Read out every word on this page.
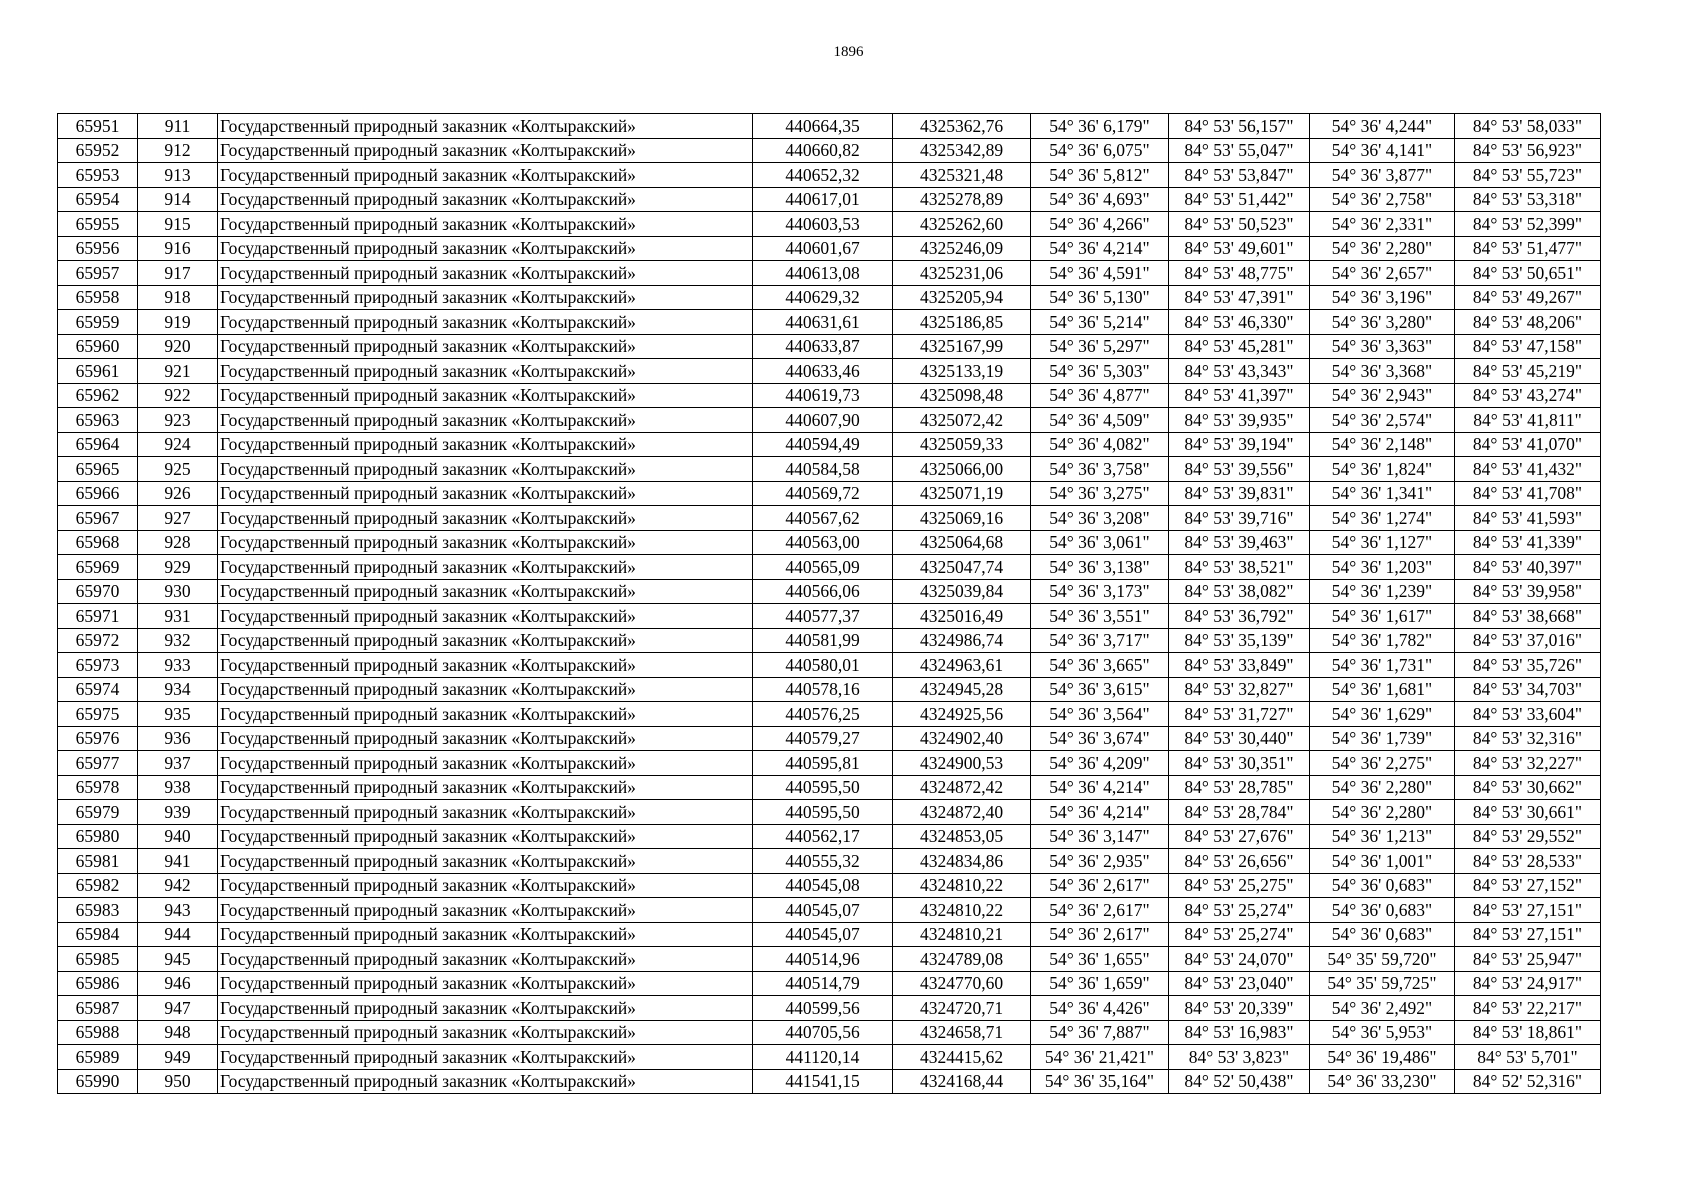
1896
65951	911	Государственный природный заказник «Колтыракский»	440664,35	4325362,76	54° 36' 6,179"	84° 53' 56,157"	54° 36' 4,244"	84° 53' 58,033"
65952	912	Государственный природный заказник «Колтыракский»	440660,82	4325342,89	54° 36' 6,075"	84° 53' 55,047"	54° 36' 4,141"	84° 53' 56,923"
65953	913	Государственный природный заказник «Колтыракский»	440652,32	4325321,48	54° 36' 5,812"	84° 53' 53,847"	54° 36' 3,877"	84° 53' 55,723"
65954	914	Государственный природный заказник «Колтыракский»	440617,01	4325278,89	54° 36' 4,693"	84° 53' 51,442"	54° 36' 2,758"	84° 53' 53,318"
65955	915	Государственный природный заказник «Колтыракский»	440603,53	4325262,60	54° 36' 4,266"	84° 53' 50,523"	54° 36' 2,331"	84° 53' 52,399"
65956	916	Государственный природный заказник «Колтыракский»	440601,67	4325246,09	54° 36' 4,214"	84° 53' 49,601"	54° 36' 2,280"	84° 53' 51,477"
65957	917	Государственный природный заказник «Колтыракский»	440613,08	4325231,06	54° 36' 4,591"	84° 53' 48,775"	54° 36' 2,657"	84° 53' 50,651"
65958	918	Государственный природный заказник «Колтыракский»	440629,32	4325205,94	54° 36' 5,130"	84° 53' 47,391"	54° 36' 3,196"	84° 53' 49,267"
65959	919	Государственный природный заказник «Колтыракский»	440631,61	4325186,85	54° 36' 5,214"	84° 53' 46,330"	54° 36' 3,280"	84° 53' 48,206"
65960	920	Государственный природный заказник «Колтыракский»	440633,87	4325167,99	54° 36' 5,297"	84° 53' 45,281"	54° 36' 3,363"	84° 53' 47,158"
65961	921	Государственный природный заказник «Колтыракский»	440633,46	4325133,19	54° 36' 5,303"	84° 53' 43,343"	54° 36' 3,368"	84° 53' 45,219"
65962	922	Государственный природный заказник «Колтыракский»	440619,73	4325098,48	54° 36' 4,877"	84° 53' 41,397"	54° 36' 2,943"	84° 53' 43,274"
65963	923	Государственный природный заказник «Колтыракский»	440607,90	4325072,42	54° 36' 4,509"	84° 53' 39,935"	54° 36' 2,574"	84° 53' 41,811"
65964	924	Государственный природный заказник «Колтыракский»	440594,49	4325059,33	54° 36' 4,082"	84° 53' 39,194"	54° 36' 2,148"	84° 53' 41,070"
65965	925	Государственный природный заказник «Колтыракский»	440584,58	4325066,00	54° 36' 3,758"	84° 53' 39,556"	54° 36' 1,824"	84° 53' 41,432"
65966	926	Государственный природный заказник «Колтыракский»	440569,72	4325071,19	54° 36' 3,275"	84° 53' 39,831"	54° 36' 1,341"	84° 53' 41,708"
65967	927	Государственный природный заказник «Колтыракский»	440567,62	4325069,16	54° 36' 3,208"	84° 53' 39,716"	54° 36' 1,274"	84° 53' 41,593"
65968	928	Государственный природный заказник «Колтыракский»	440563,00	4325064,68	54° 36' 3,061"	84° 53' 39,463"	54° 36' 1,127"	84° 53' 41,339"
65969	929	Государственный природный заказник «Колтыракский»	440565,09	4325047,74	54° 36' 3,138"	84° 53' 38,521"	54° 36' 1,203"	84° 53' 40,397"
65970	930	Государственный природный заказник «Колтыракский»	440566,06	4325039,84	54° 36' 3,173"	84° 53' 38,082"	54° 36' 1,239"	84° 53' 39,958"
65971	931	Государственный природный заказник «Колтыракский»	440577,37	4325016,49	54° 36' 3,551"	84° 53' 36,792"	54° 36' 1,617"	84° 53' 38,668"
65972	932	Государственный природный заказник «Колтыракский»	440581,99	4324986,74	54° 36' 3,717"	84° 53' 35,139"	54° 36' 1,782"	84° 53' 37,016"
65973	933	Государственный природный заказник «Колтыракский»	440580,01	4324963,61	54° 36' 3,665"	84° 53' 33,849"	54° 36' 1,731"	84° 53' 35,726"
65974	934	Государственный природный заказник «Колтыракский»	440578,16	4324945,28	54° 36' 3,615"	84° 53' 32,827"	54° 36' 1,681"	84° 53' 34,703"
65975	935	Государственный природный заказник «Колтыракский»	440576,25	4324925,56	54° 36' 3,564"	84° 53' 31,727"	54° 36' 1,629"	84° 53' 33,604"
65976	936	Государственный природный заказник «Колтыракский»	440579,27	4324902,40	54° 36' 3,674"	84° 53' 30,440"	54° 36' 1,739"	84° 53' 32,316"
65977	937	Государственный природный заказник «Колтыракский»	440595,81	4324900,53	54° 36' 4,209"	84° 53' 30,351"	54° 36' 2,275"	84° 53' 32,227"
65978	938	Государственный природный заказник «Колтыракский»	440595,50	4324872,42	54° 36' 4,214"	84° 53' 28,785"	54° 36' 2,280"	84° 53' 30,662"
65979	939	Государственный природный заказник «Колтыракский»	440595,50	4324872,40	54° 36' 4,214"	84° 53' 28,784"	54° 36' 2,280"	84° 53' 30,661"
65980	940	Государственный природный заказник «Колтыракский»	440562,17	4324853,05	54° 36' 3,147"	84° 53' 27,676"	54° 36' 1,213"	84° 53' 29,552"
65981	941	Государственный природный заказник «Колтыракский»	440555,32	4324834,86	54° 36' 2,935"	84° 53' 26,656"	54° 36' 1,001"	84° 53' 28,533"
65982	942	Государственный природный заказник «Колтыракский»	440545,08	4324810,22	54° 36' 2,617"	84° 53' 25,275"	54° 36' 0,683"	84° 53' 27,152"
65983	943	Государственный природный заказник «Колтыракский»	440545,07	4324810,22	54° 36' 2,617"	84° 53' 25,274"	54° 36' 0,683"	84° 53' 27,151"
65984	944	Государственный природный заказник «Колтыракский»	440545,07	4324810,21	54° 36' 2,617"	84° 53' 25,274"	54° 36' 0,683"	84° 53' 27,151"
65985	945	Государственный природный заказник «Колтыракский»	440514,96	4324789,08	54° 36' 1,655"	84° 53' 24,070"	54° 35' 59,720"	84° 53' 25,947"
65986	946	Государственный природный заказник «Колтыракский»	440514,79	4324770,60	54° 36' 1,659"	84° 53' 23,040"	54° 35' 59,725"	84° 53' 24,917"
65987	947	Государственный природный заказник «Колтыракский»	440599,56	4324720,71	54° 36' 4,426"	84° 53' 20,339"	54° 36' 2,492"	84° 53' 22,217"
65988	948	Государственный природный заказник «Колтыракский»	440705,56	4324658,71	54° 36' 7,887"	84° 53' 16,983"	54° 36' 5,953"	84° 53' 18,861"
65989	949	Государственный природный заказник «Колтыракский»	441120,14	4324415,62	54° 36' 21,421"	84° 53' 3,823"	54° 36' 19,486"	84° 53' 5,701"
65990	950	Государственный природный заказник «Колтыракский»	441541,15	4324168,44	54° 36' 35,164"	84° 52' 50,438"	54° 36' 33,230"	84° 52' 52,316"
